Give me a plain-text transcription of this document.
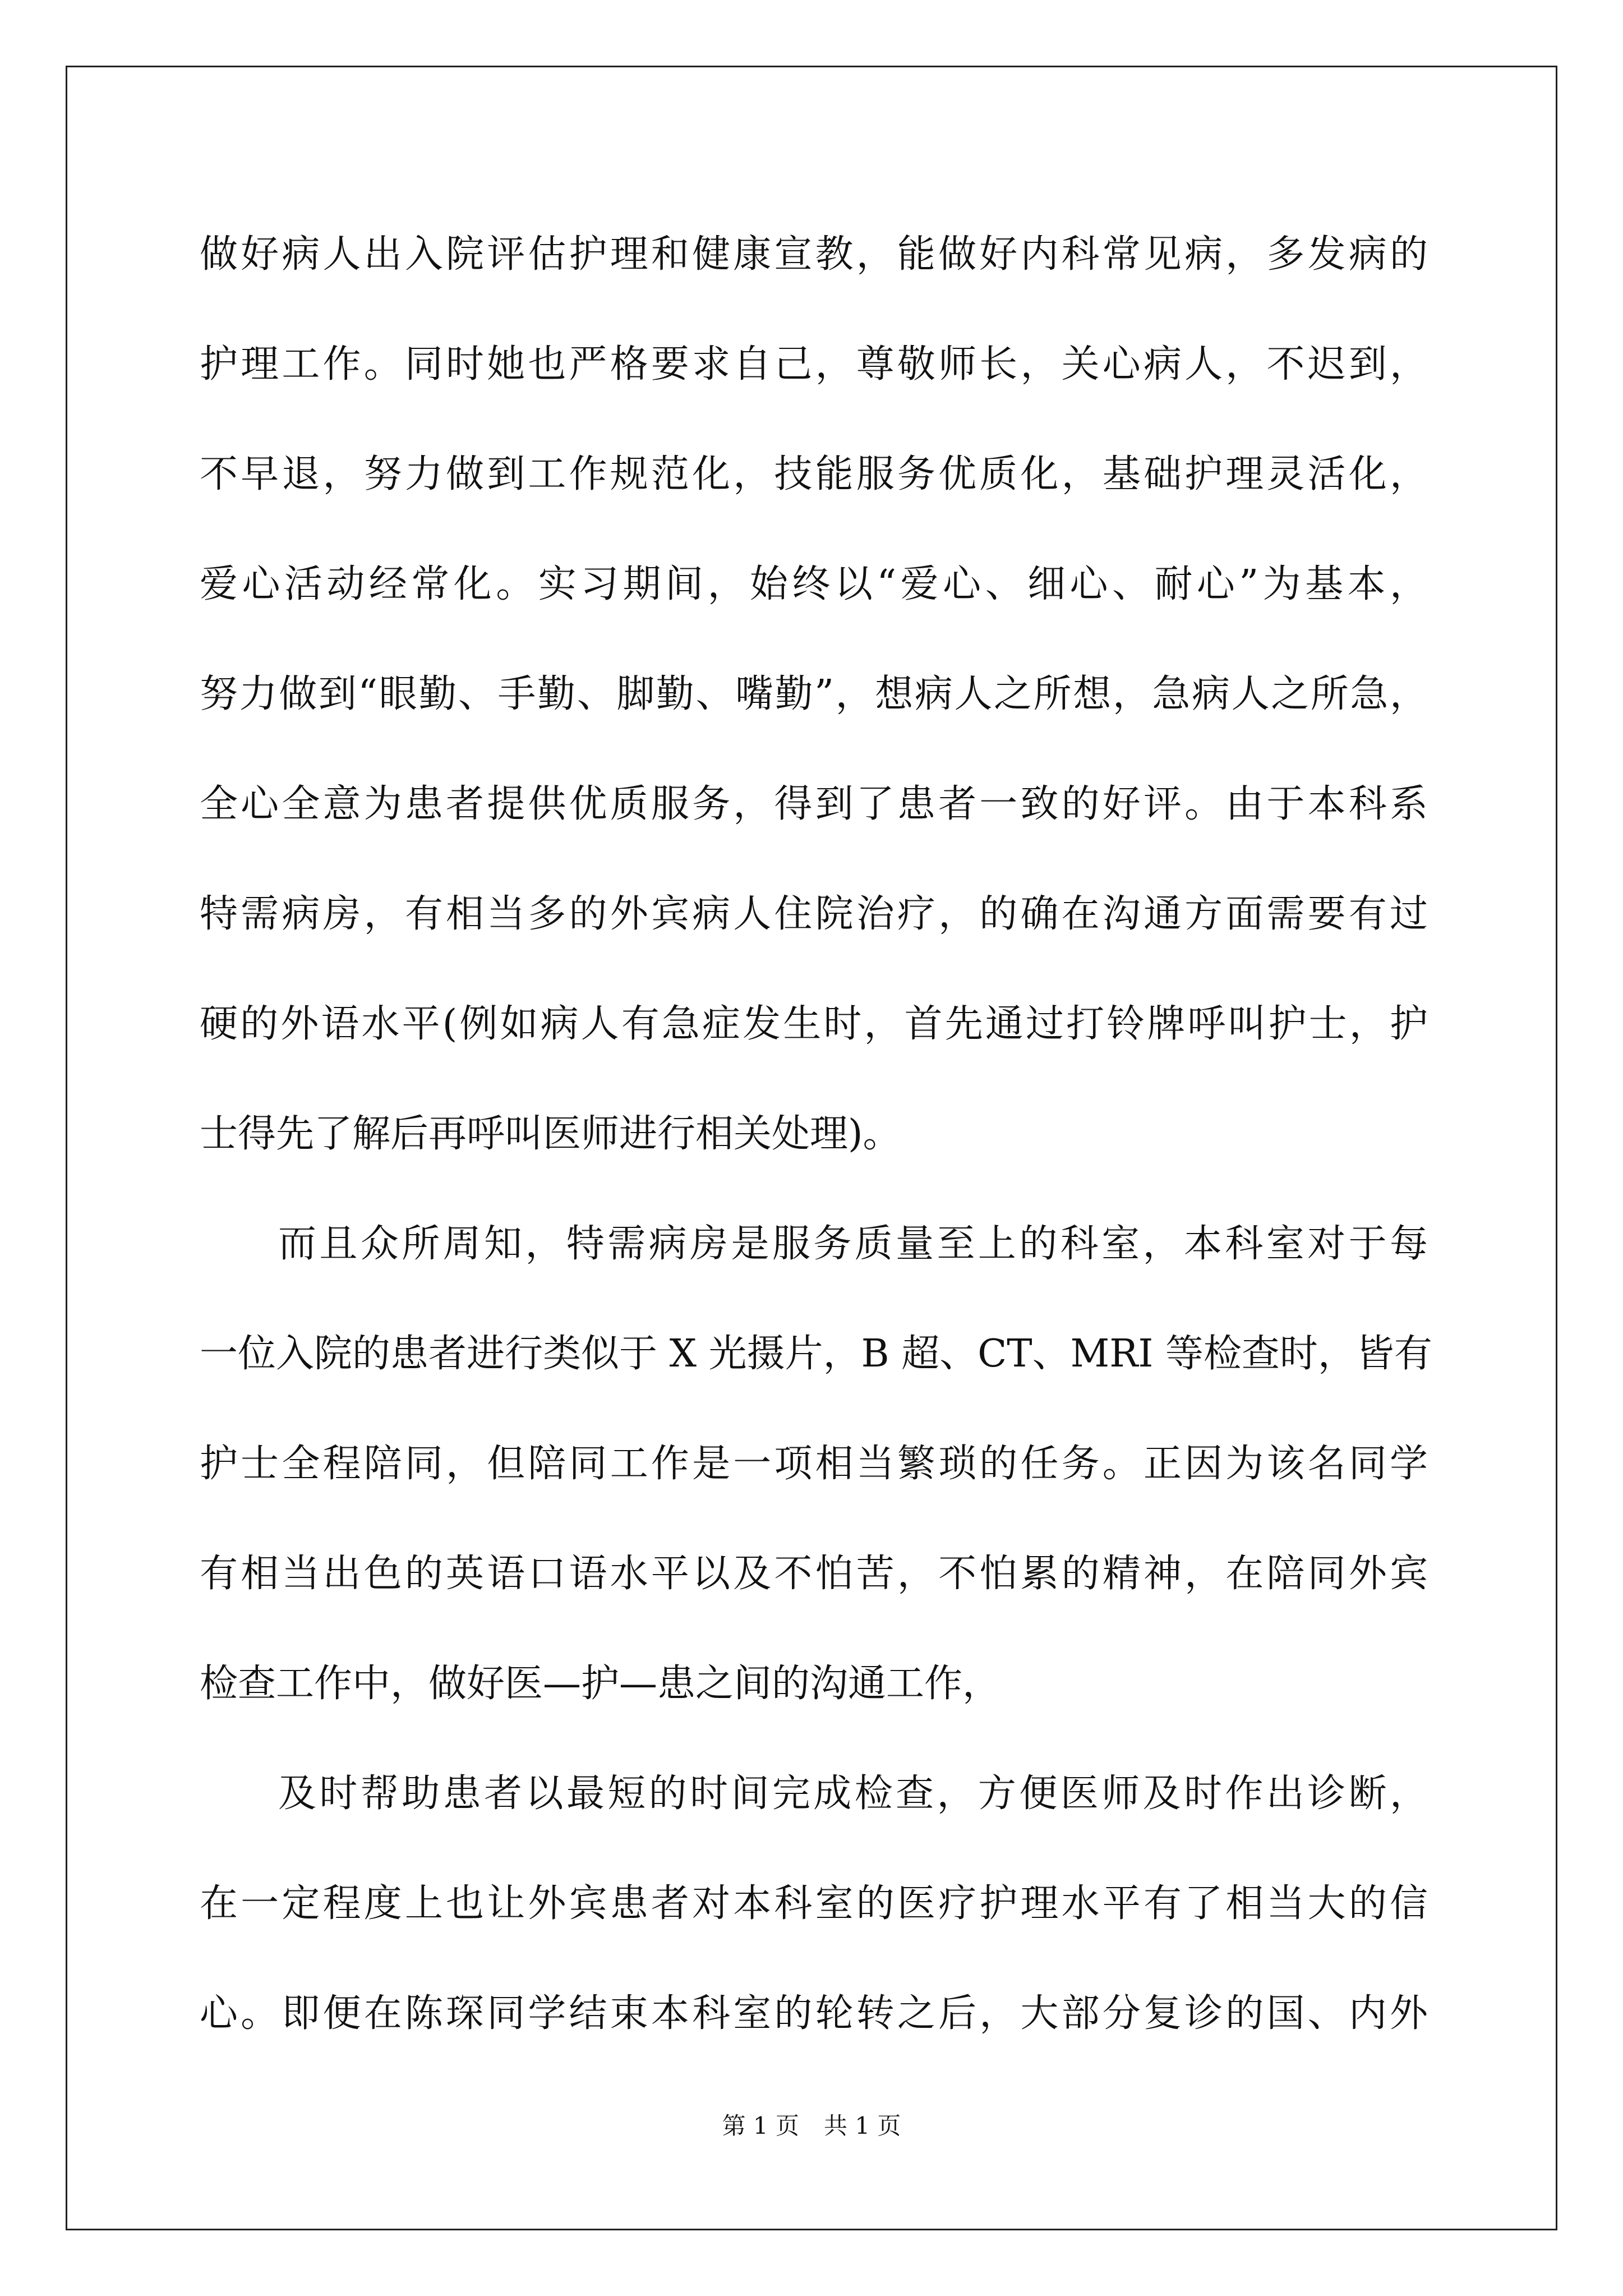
做好病人出入院评估护理和健康宣教，能做好内科常见病，多发病的
护理工作。同时她也严格要求自己，尊敬师长，关心病人，不迟到，
不早退，努力做到工作规范化，技能服务优质化，基础护理灵活化，
爱心活动经常化。实习期间，始终以“爱心、细心、耐心”为基本，
努力做到“眼勤、手勤、脚勤、嘴勤”，想病人之所想，急病人之所急，
全心全意为患者提供优质服务，得到了患者一致的好评。由于本科系
特需病房，有相当多的外宾病人住院治疗，的确在沟通方面需要有过
硬的外语水平(例如病人有急症发生时，首先通过打铃牌呼叫护士，护
士得先了解后再呼叫医师进行相关处理)。
而且众所周知，特需病房是服务质量至上的科室，本科室对于每
一位入院的患者进行类似于 X 光摄片，B 超、CT、MRI 等检查时，皆有
护士全程陪同，但陪同工作是一项相当繁琐的任务。正因为该名同学
有相当出色的英语口语水平以及不怕苦，不怕累的精神，在陪同外宾
检查工作中，做好医—护—患之间的沟通工作，
及时帮助患者以最短的时间完成检查，方便医师及时作出诊断，
在一定程度上也让外宾患者对本科室的医疗护理水平有了相当大的信
心。即便在陈琛同学结束本科室的轮转之后，大部分复诊的国、内外
第 1 页 共 1 页
